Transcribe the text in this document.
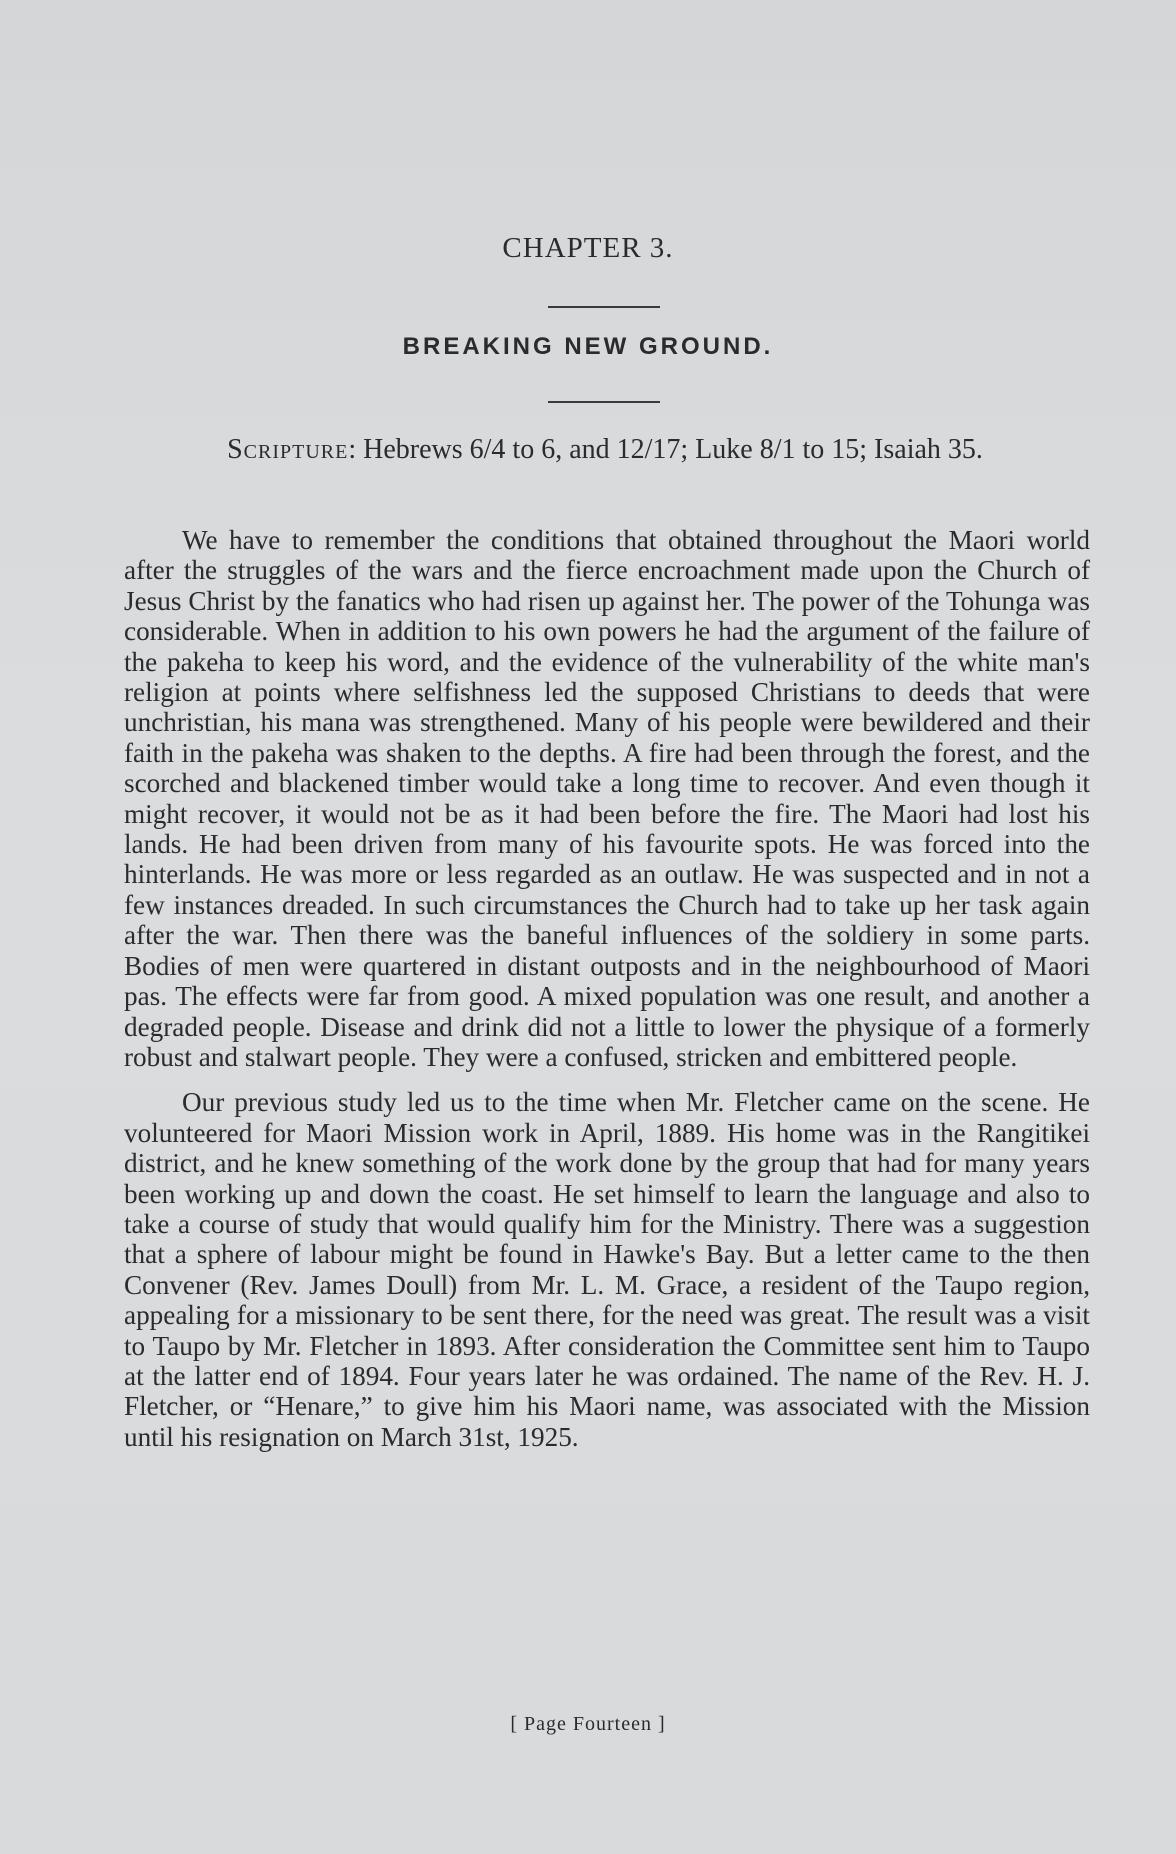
CHAPTER 3.
BREAKING NEW GROUND.
Scripture: Hebrews 6/4 to 6, and 12/17; Luke 8/1 to 15; Isaiah 35.

We have to remember the conditions that obtained throughout the Maori world after the struggles of the wars and the fierce encroachment made upon the Church of Jesus Christ by the fanatics who had risen up against her. The power of the Tohunga was considerable. When in addition to his own powers he had the argument of the failure of the pakeha to keep his word, and the evidence of the vulnerability of the white man's religion at points where selfishness led the supposed Christians to deeds that were unchristian, his mana was strengthened. Many of his people were bewildered and their faith in the pakeha was shaken to the depths. A fire had been through the forest, and the scorched and blackened timber would take a long time to recover. And even though it might recover, it would not be as it had been before the fire. The Maori had lost his lands. He had been driven from many of his favourite spots. He was forced into the hinterlands. He was more or less regarded as an outlaw. He was suspected and in not a few instances dreaded. In such circumstances the Church had to take up her task again after the war. Then there was the baneful influences of the soldiery in some parts. Bodies of men were quartered in distant outposts and in the neighbourhood of Maori pas. The effects were far from good. A mixed population was one result, and another a degraded people. Disease and drink did not a little to lower the physique of a formerly robust and stalwart people. They were a confused, stricken and embittered people.

Our previous study led us to the time when Mr. Fletcher came on the scene. He volunteered for Maori Mission work in April, 1889. His home was in the Rangitikei district, and he knew something of the work done by the group that had for many years been working up and down the coast. He set himself to learn the language and also to take a course of study that would qualify him for the Ministry. There was a suggestion that a sphere of labour might be found in Hawke's Bay. But a letter came to the then Convener (Rev. James Doull) from Mr. L. M. Grace, a resident of the Taupo region, appealing for a missionary to be sent there, for the need was great. The result was a visit to Taupo by Mr. Fletcher in 1893. After consideration the Committee sent him to Taupo at the latter end of 1894. Four years later he was ordained. The name of the Rev. H. J. Fletcher, or “Henare,” to give him his Maori name, was associated with the Mission until his resignation on March 31st, 1925.

[ Page Fourteen ]
